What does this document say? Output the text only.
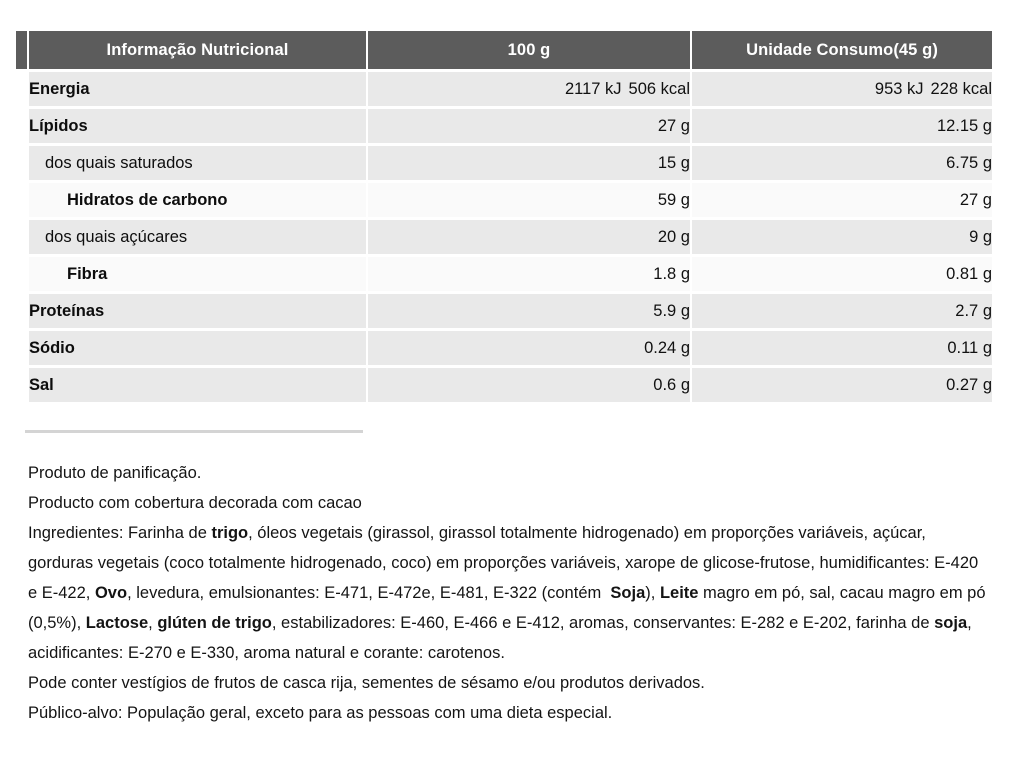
	Informação Nutricional	100 g	Unidade Consumo(45 g)
	Energia	2117 kJ 506 kcal	953 kJ 228 kcal
	Lípidos	27 g	12.15 g
	dos quais saturados	15 g	6.75 g
	Hidratos de carbono	59 g	27 g
	dos quais açúcares	20 g	9 g
	Fibra	1.8 g	0.81 g
	Proteínas	5.9 g	2.7 g
	Sódio	0.24 g	0.11 g
	Sal	0.6 g	0.27 g

Produto de panificação.

Producto com cobertura decorada com cacao

Ingredientes: Farinha de trigo, óleos vegetais (girassol, girassol totalmente hidrogenado) em proporções variáveis, açúcar, gorduras vegetais (coco totalmente hidrogenado, coco) em proporções variáveis, xarope de glicose-frutose, humidificantes: E-420 e E-422, Ovo, levedura, emulsionantes: E-471, E-472e, E-481, E-322 (contém  Soja), Leite magro em pó, sal, cacau magro em pó (0,5%), Lactose, glúten de trigo, estabilizadores: E-460, E-466 e E-412, aromas, conservantes: E-282 e E-202, farinha de soja, acidificantes: E-270 e E-330, aroma natural e corante: carotenos.

Pode conter vestígios de frutos de casca rija, sementes de sésamo e/ou produtos derivados.

Público-alvo: População geral, exceto para as pessoas com uma dieta especial.
